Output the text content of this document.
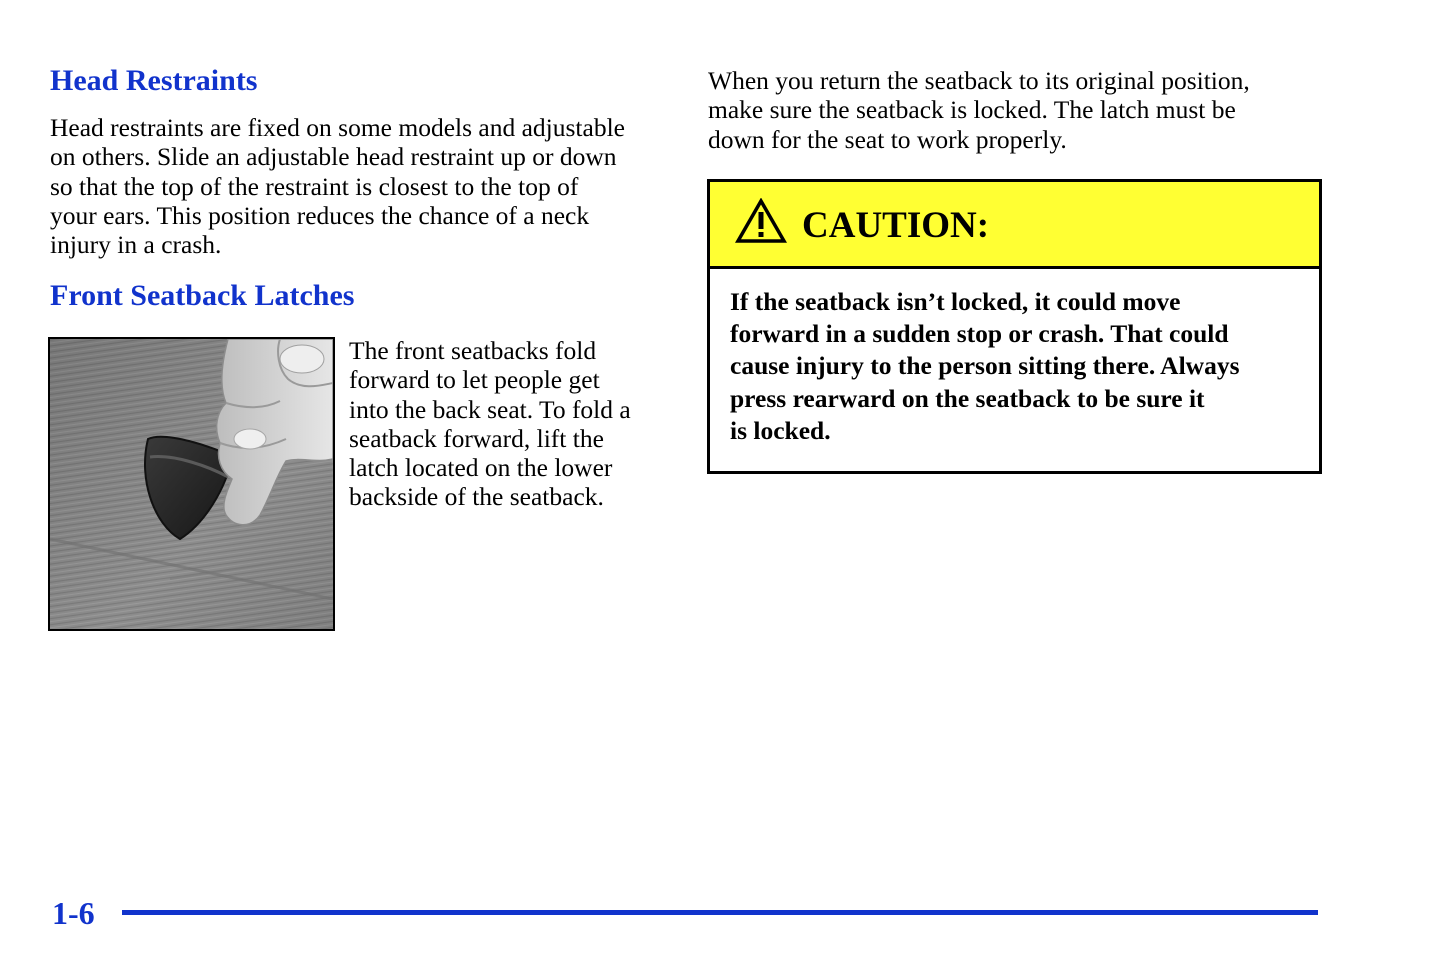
Head Restraints
Head restraints are fixed on some models and adjustable
on others. Slide an adjustable head restraint up or down
so that the top of the restraint is closest to the top of
your ears. This position reduces the chance of a neck
injury in a crash.
Front Seatback Latches
The front seatbacks fold
forward to let people get
into the back seat. To fold a
seatback forward, lift the
latch located on the lower
backside of the seatback.
When you return the seatback to its original position,
make sure the seatback is locked. The latch must be
down for the seat to work properly.
CAUTION:
If the seatback isn’t locked, it could move
forward in a sudden stop or crash. That could
cause injury to the person sitting there. Always
press rearward on the seatback to be sure it
is locked.
1-6
